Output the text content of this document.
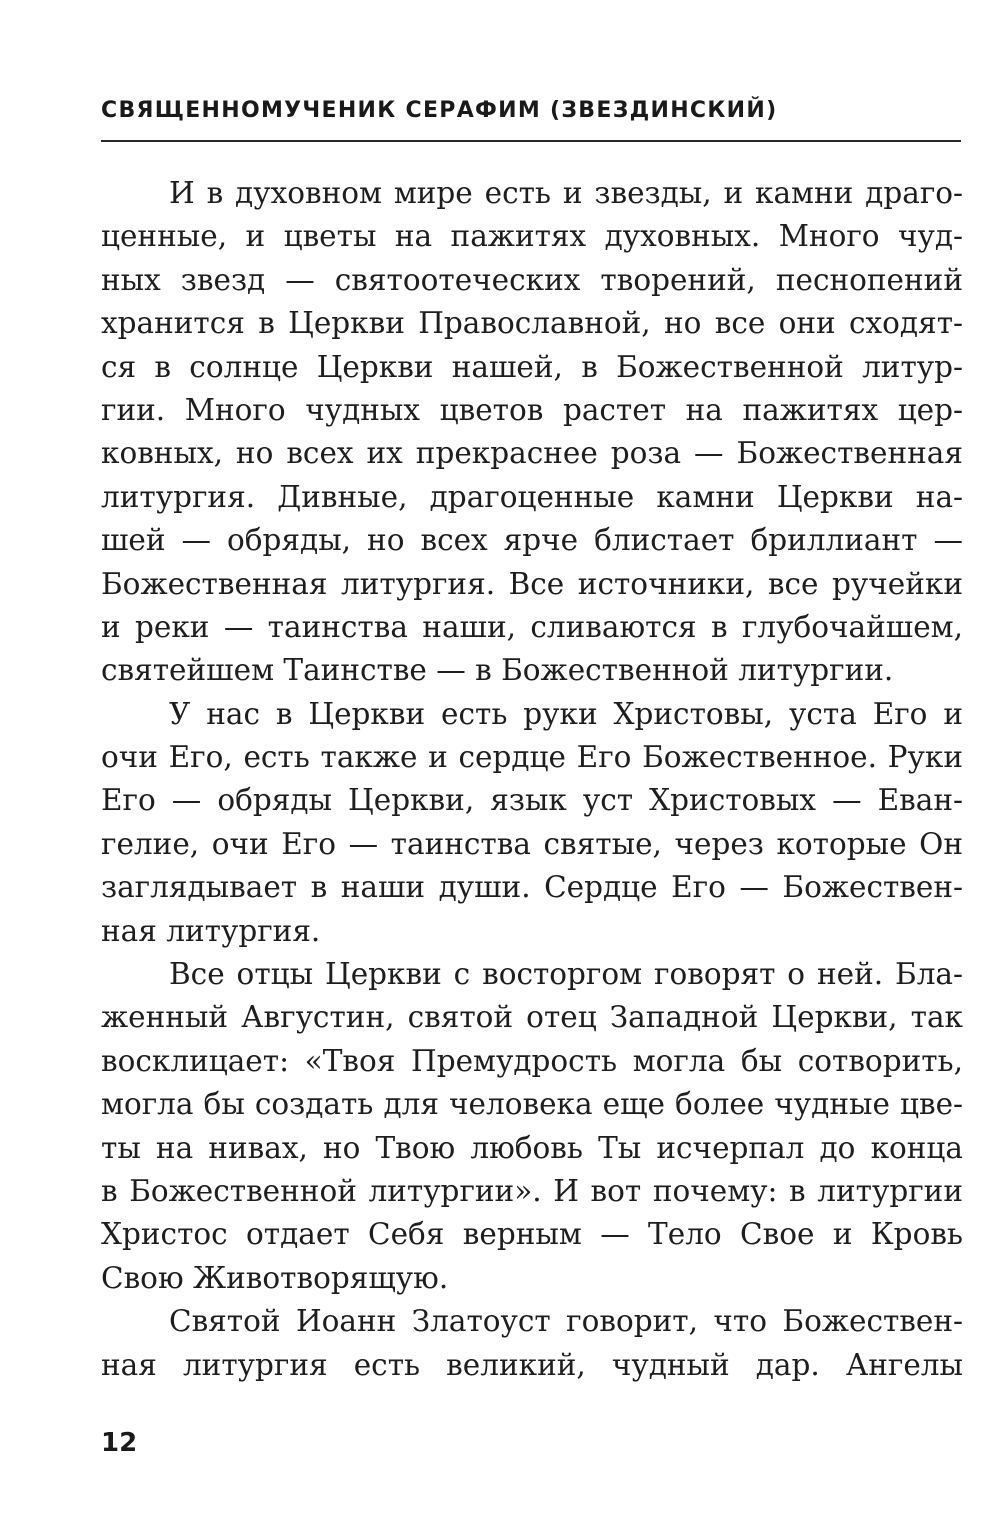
СВЯЩЕННОМУЧЕНИК СЕРАФИМ (ЗВЕЗДИНСКИЙ)
И в духовном мире есть и звезды, и камни драго-
ценные, и цветы на пажитях духовных. Много чуд-
ных звезд — святоотеческих творений, песнопений
хранится в Церкви Православной, но все они сходят-
ся в солнце Церкви нашей, в Божественной литур-
гии. Много чудных цветов растет на пажитях цер-
ковных, но всех их прекраснее роза — Божественная
литургия. Дивные, драгоценные камни Церкви на-
шей — обряды, но всех ярче блистает бриллиант —
Божественная литургия. Все источники, все ручейки
и реки — таинства наши, сливаются в глубочайшем,
святейшем Таинстве — в Божественной литургии.
У нас в Церкви есть руки Христовы, уста Его и
очи Его, есть также и сердце Его Божественное. Руки
Его — обряды Церкви, язык уст Христовых — Еван-
гелие, очи Его — таинства святые, через которые Он
заглядывает в наши души. Сердце Его — Божествен-
ная литургия.
Все отцы Церкви с восторгом говорят о ней. Бла-
женный Августин, святой отец Западной Церкви, так
восклицает: «Твоя Премудрость могла бы сотворить,
могла бы создать для человека еще более чудные цве-
ты на нивах, но Твою любовь Ты исчерпал до конца
в Божественной литургии». И вот почему: в литургии
Христос отдает Себя верным — Тело Свое и Кровь
Свою Животворящую.
Святой Иоанн Златоуст говорит, что Божествен-
ная литургия есть великий, чудный дар. Ангелы
12
